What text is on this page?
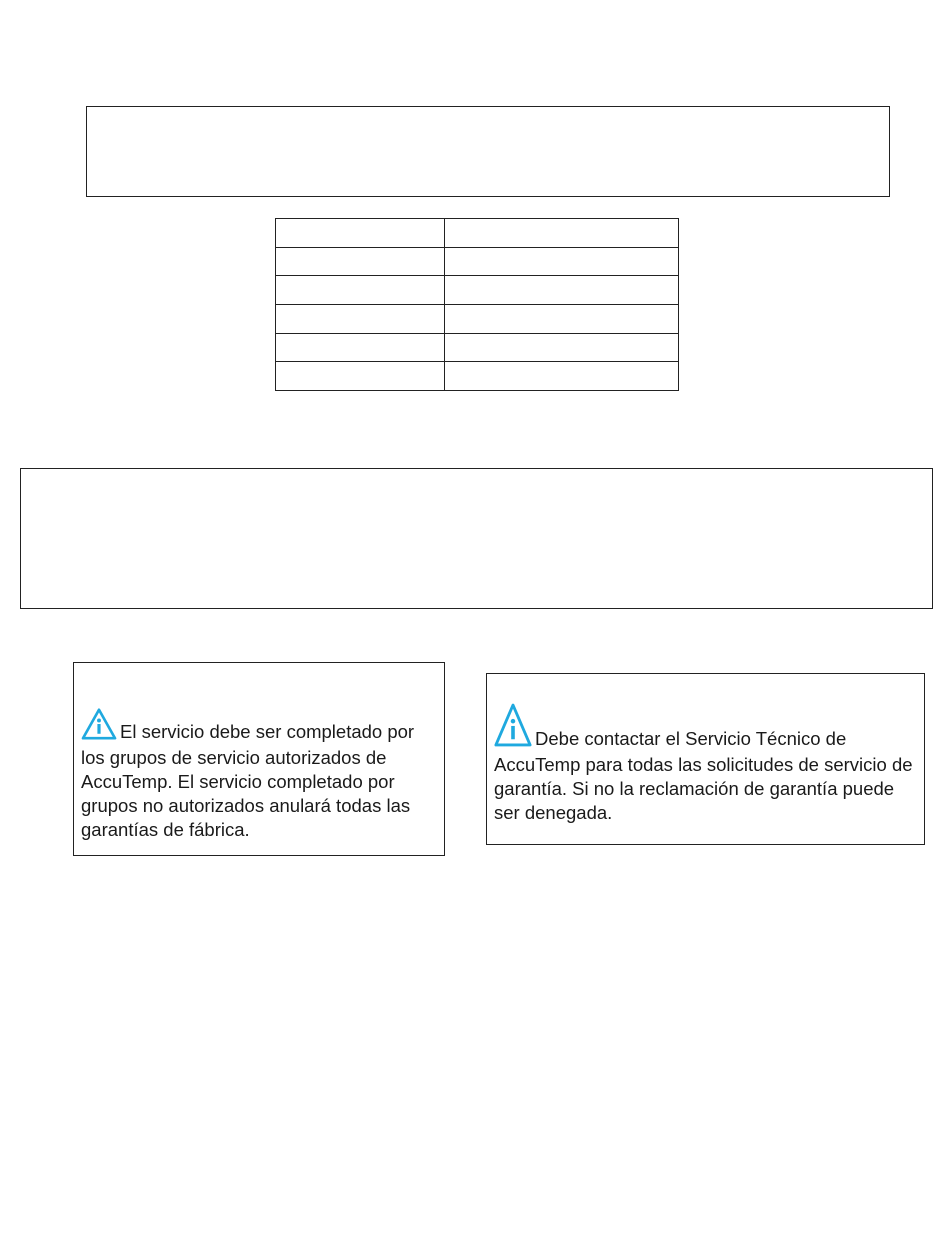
El servicio debe ser completado por los grupos de servicio autorizados de AccuTemp. El servicio completado por grupos no autorizados anulará todas las garantías de fábrica.
Debe contactar el Servicio Técnico de AccuTemp para todas las solicitudes de servicio de garantía. Si no la reclamación de garantía puede ser denegada.
